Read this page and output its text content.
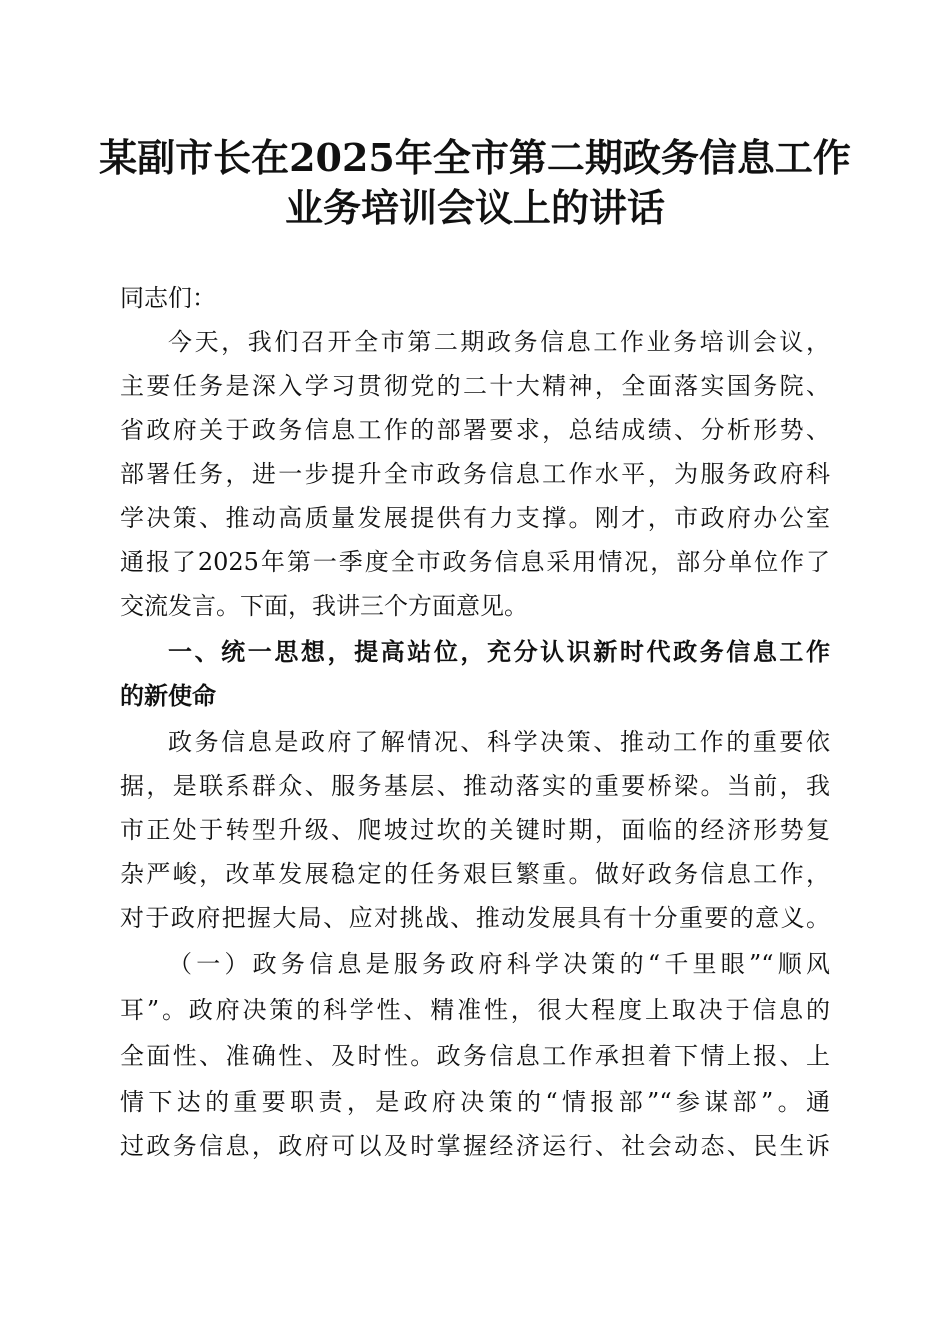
某副市长在2025年全市第二期政务信息工作
业务培训会议上的讲话
同志们：
今天，我们召开全市第二期政务信息工作业务培训会议，
主要任务是深入学习贯彻党的二十大精神，全面落实国务院、
省政府关于政务信息工作的部署要求，总结成绩、分析形势、
部署任务，进一步提升全市政务信息工作水平，为服务政府科
学决策、推动高质量发展提供有力支撑。刚才，市政府办公室
通报了2025年第一季度全市政务信息采用情况，部分单位作了
交流发言。下面，我讲三个方面意见。
一、统一思想，提高站位，充分认识新时代政务信息工作
的新使命
政务信息是政府了解情况、科学决策、推动工作的重要依
据，是联系群众、服务基层、推动落实的重要桥梁。当前，我
市正处于转型升级、爬坡过坎的关键时期，面临的经济形势复
杂严峻，改革发展稳定的任务艰巨繁重。做好政务信息工作，
对于政府把握大局、应对挑战、推动发展具有十分重要的意义。
（一）政务信息是服务政府科学决策的“千里眼”“顺风
耳”。政府决策的科学性、精准性，很大程度上取决于信息的
全面性、准确性、及时性。政务信息工作承担着下情上报、上
情下达的重要职责，是政府决策的“情报部”“参谋部”。通
过政务信息，政府可以及时掌握经济运行、社会动态、民生诉
